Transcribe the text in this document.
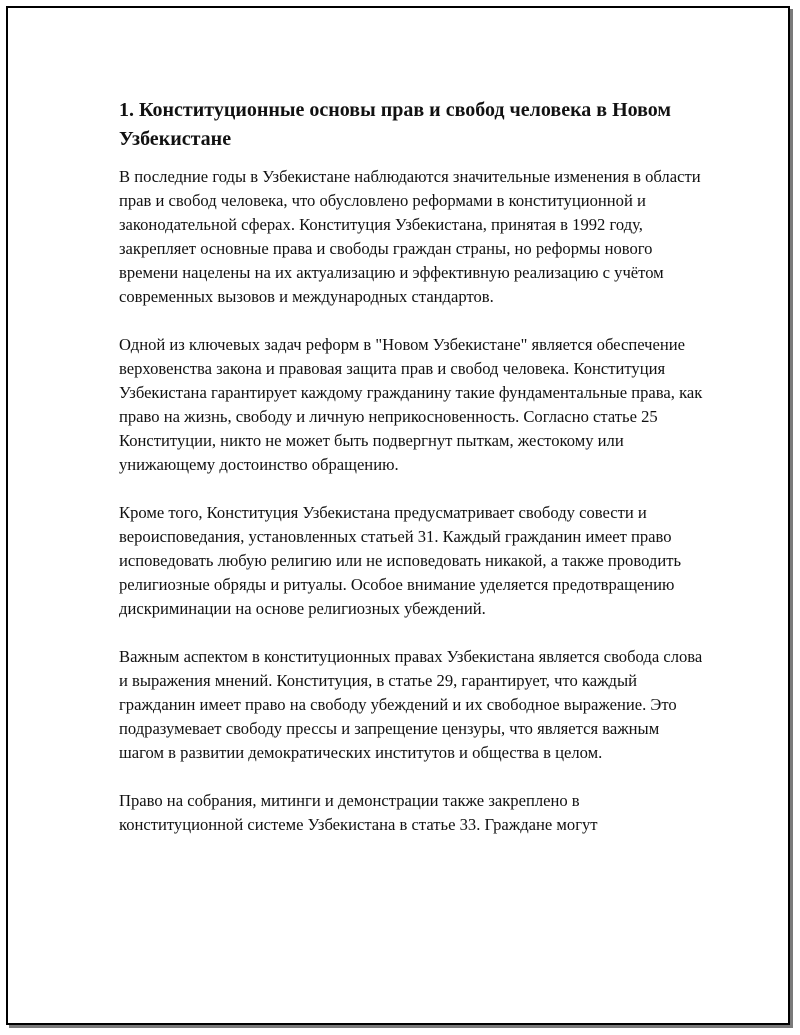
1. Конституционные основы прав и свобод человека в Новом Узбекистане

В последние годы в Узбекистане наблюдаются значительные изменения в области прав и свобод человека, что обусловлено реформами в конституционной и законодательной сферах. Конституция Узбекистана, принятая в 1992 году, закрепляет основные права и свободы граждан страны, но реформы нового времени нацелены на их актуализацию и эффективную реализацию с учётом современных вызовов и международных стандартов.

Одной из ключевых задач реформ в "Новом Узбекистане" является обеспечение верховенства закона и правовая защита прав и свобод человека. Конституция Узбекистана гарантирует каждому гражданину такие фундаментальные права, как право на жизнь, свободу и личную неприкосновенность. Согласно статье 25 Конституции, никто не может быть подвергнут пыткам, жестокому или унижающему достоинство обращению.

Кроме того, Конституция Узбекистана предусматривает свободу совести и вероисповедания, установленных статьей 31. Каждый гражданин имеет право исповедовать любую религию или не исповедовать никакой, а также проводить религиозные обряды и ритуалы. Особое внимание уделяется предотвращению дискриминации на основе религиозных убеждений.

Важным аспектом в конституционных правах Узбекистана является свобода слова и выражения мнений. Конституция, в статье 29, гарантирует, что каждый гражданин имеет право на свободу убеждений и их свободное выражение. Это подразумевает свободу прессы и запрещение цензуры, что является важным шагом в развитии демократических институтов и общества в целом.

Право на собрания, митинги и демонстрации также закреплено в конституционной системе Узбекистана в статье 33. Граждане могут
